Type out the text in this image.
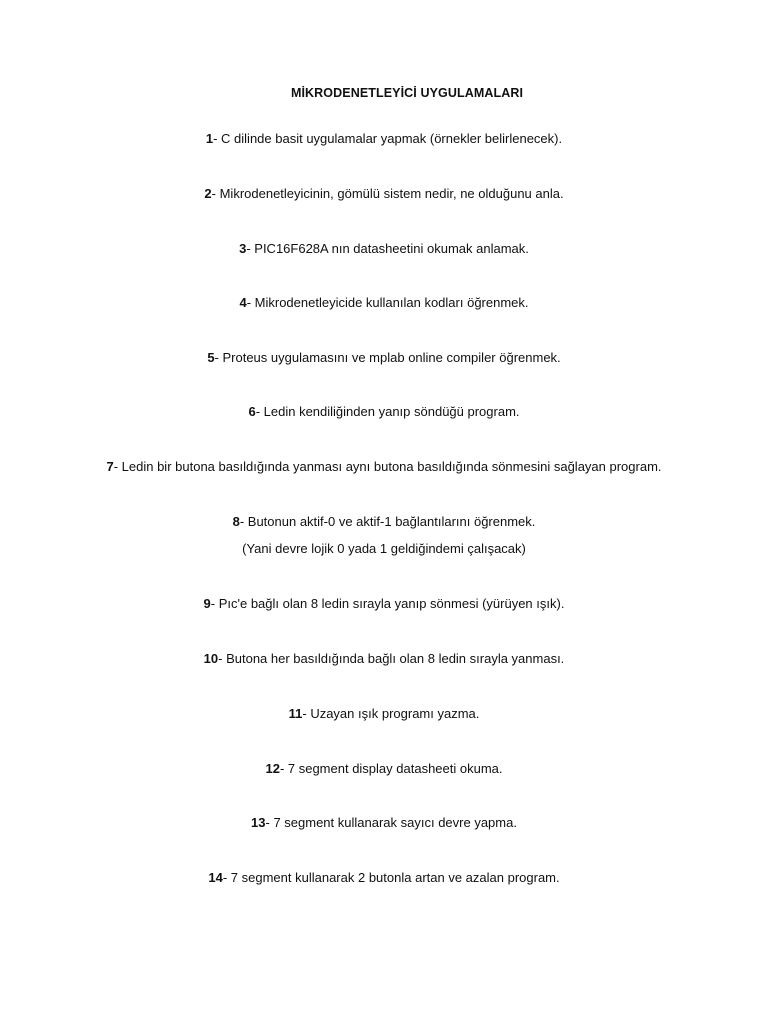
MİKRODENETLEYİCİ UYGULAMALARI
1- C dilinde basit uygulamalar yapmak (örnekler belirlenecek).
2- Mikrodenetleyicinin, gömülü sistem nedir, ne olduğunu anla.
3- PIC16F628A nın datasheetini okumak anlamak.
4- Mikrodenetleyicide kullanılan kodları öğrenmek.
5- Proteus uygulamasını ve mplab online compiler öğrenmek.
6- Ledin kendiliğinden yanıp söndüğü program.
7- Ledin bir butona basıldığında yanması aynı butona basıldığında sönmesini sağlayan program.
8- Butonun aktif-0 ve aktif-1 bağlantılarını öğrenmek.
(Yani devre lojik 0 yada 1 geldiğindemi çalışacak)
9- Pıc'e bağlı olan 8 ledin sırayla yanıp sönmesi (yürüyen ışık).
10- Butona her basıldığında bağlı olan 8 ledin sırayla yanması.
11- Uzayan ışık programı yazma.
12- 7 segment display datasheeti okuma.
13- 7 segment kullanarak sayıcı devre yapma.
14- 7 segment kullanarak 2 butonla artan ve azalan program.
